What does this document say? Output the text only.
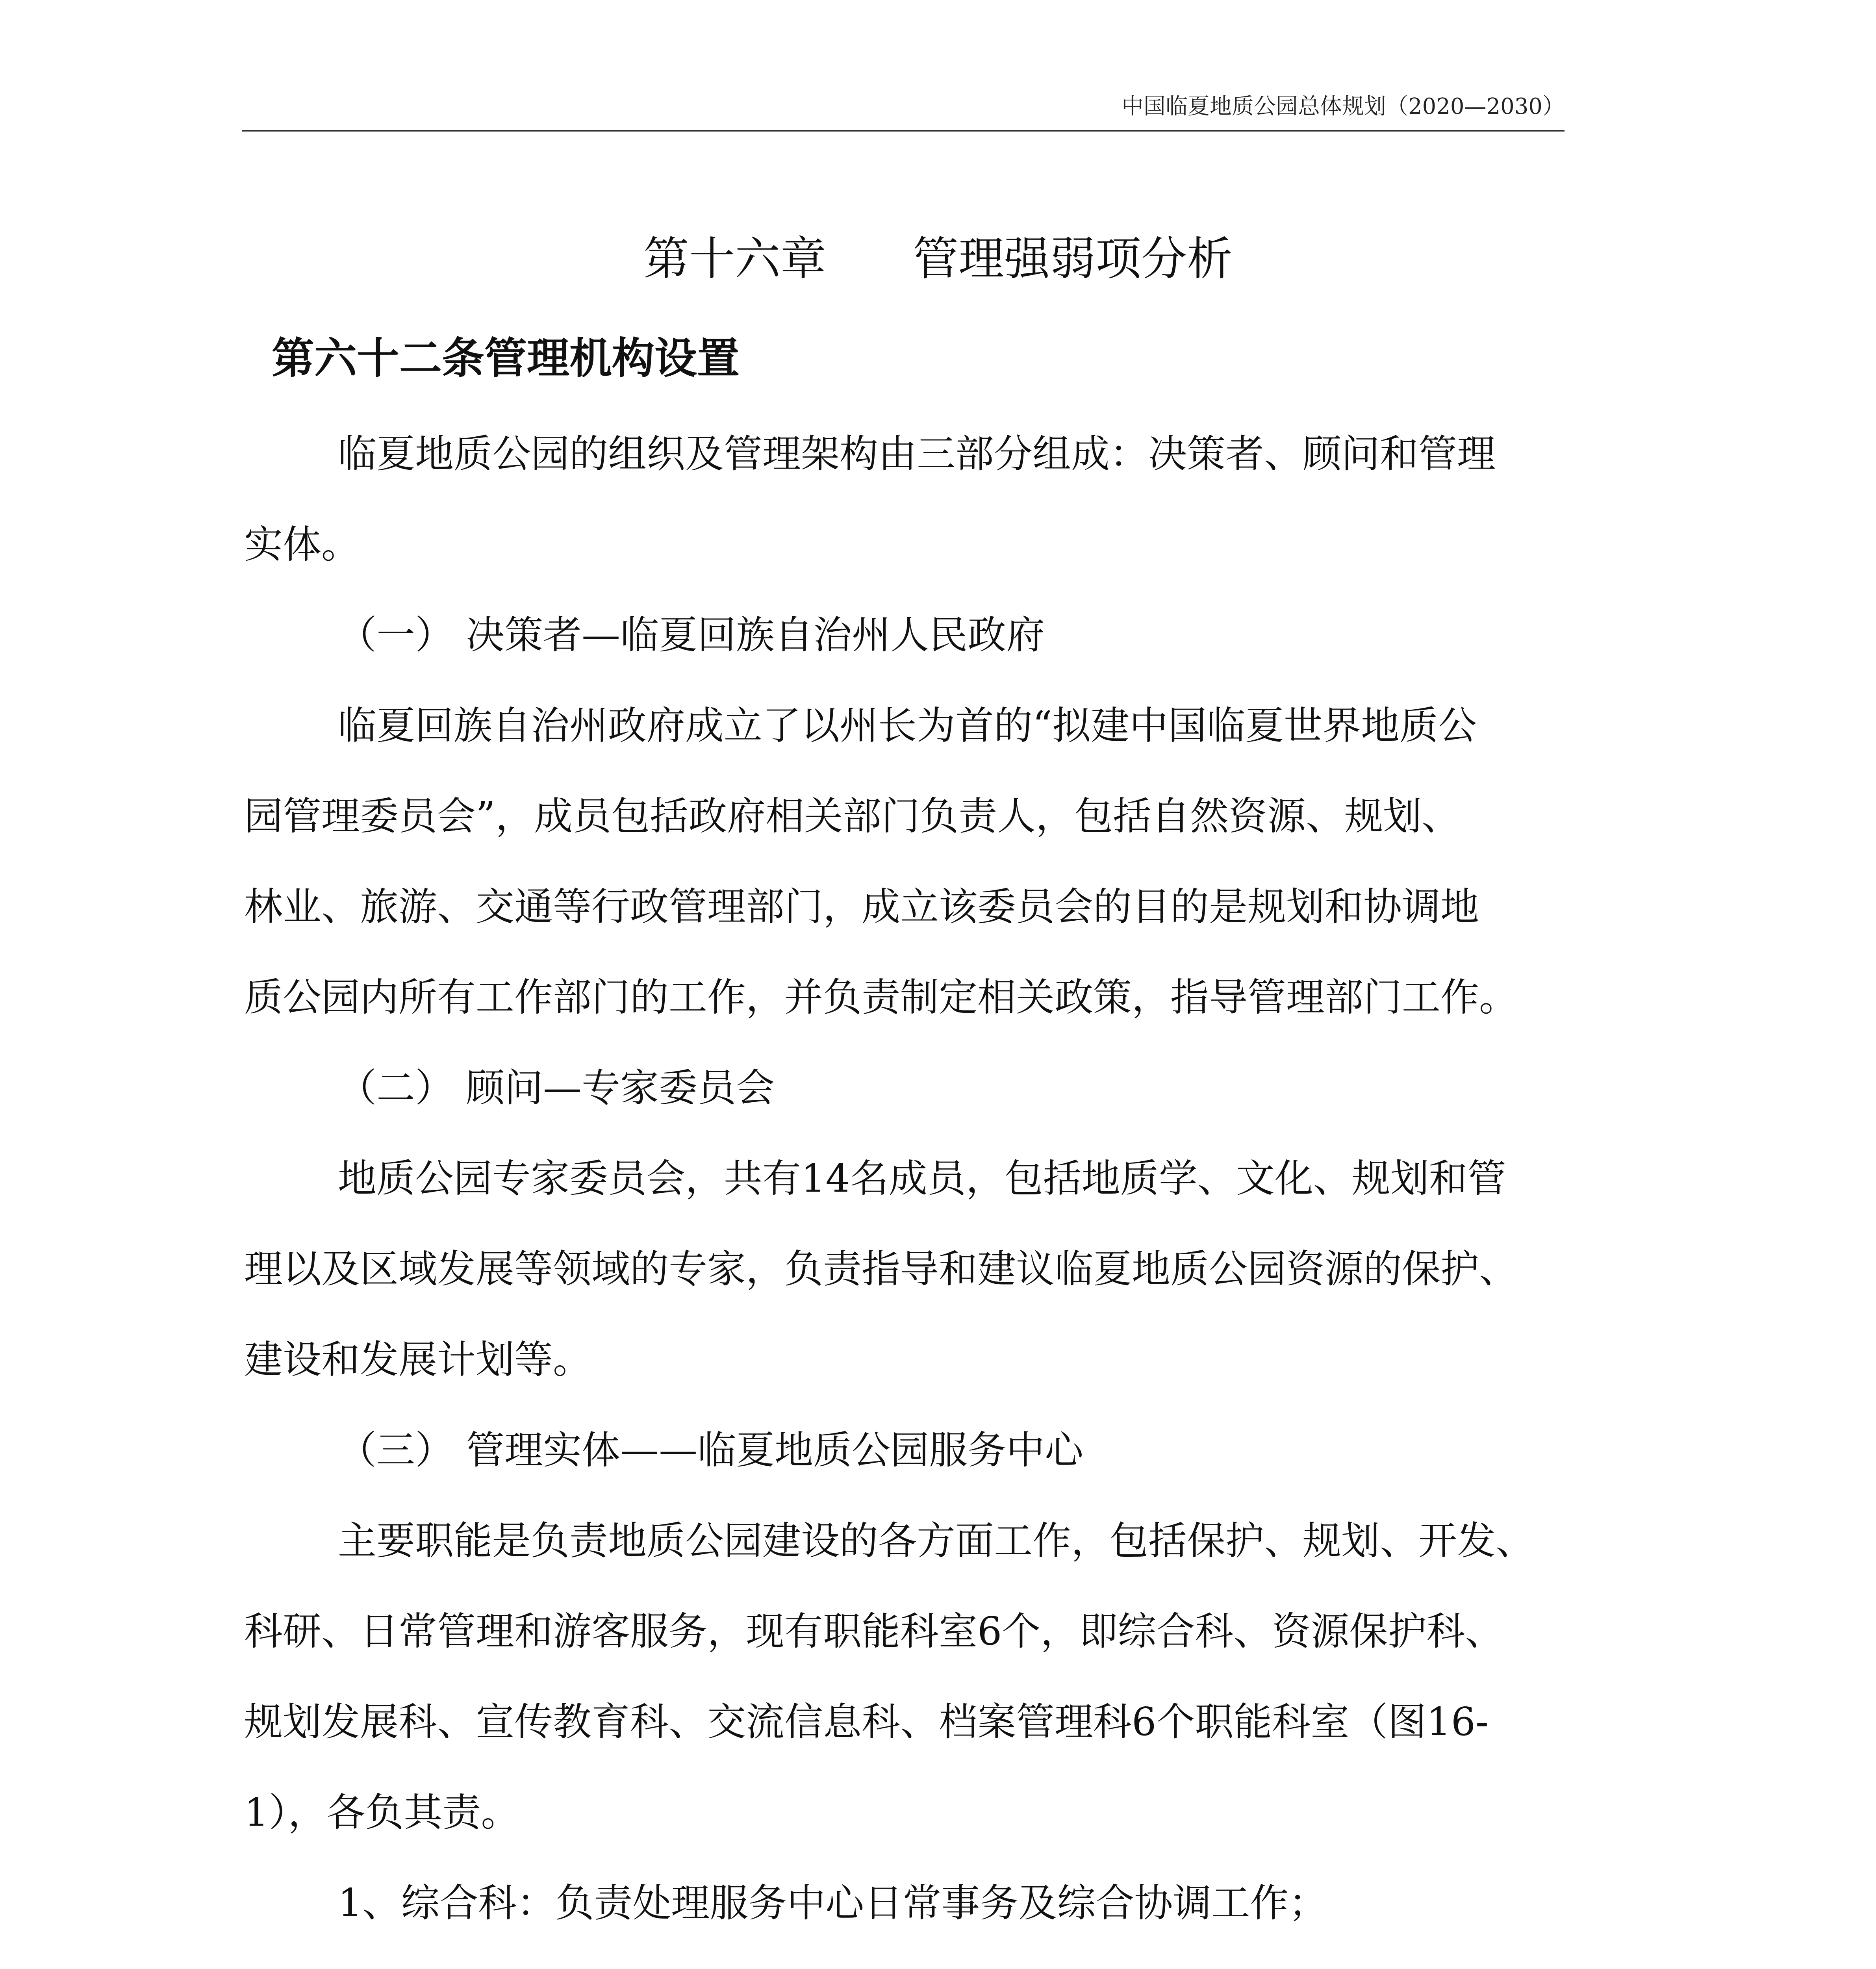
中国临夏地质公园总体规划（2020—2030）
第十六章 管理强弱项分析
第六十二条管理机构设置
临夏地质公园的组织及管理架构由三部分组成：决策者、顾问和管理
实体。
（一） 决策者—临夏回族自治州人民政府
临夏回族自治州政府成立了以州长为首的“拟建中国临夏世界地质公
园管理委员会”，成员包括政府相关部门负责人，包括自然资源、规划、
林业、旅游、交通等行政管理部门，成立该委员会的目的是规划和协调地
质公园内所有工作部门的工作，并负责制定相关政策，指导管理部门工作。
（二） 顾问—专家委员会
地质公园专家委员会，共有14名成员，包括地质学、文化、规划和管
理以及区域发展等领域的专家，负责指导和建议临夏地质公园资源的保护、
建设和发展计划等。
（三） 管理实体——临夏地质公园服务中心
主要职能是负责地质公园建设的各方面工作，包括保护、规划、开发、
科研、日常管理和游客服务，现有职能科室6个，即综合科、资源保护科、
规划发展科、宣传教育科、交流信息科、档案管理科6个职能科室（图16-
1），各负其责。
1、综合科：负责处理服务中心日常事务及综合协调工作；
